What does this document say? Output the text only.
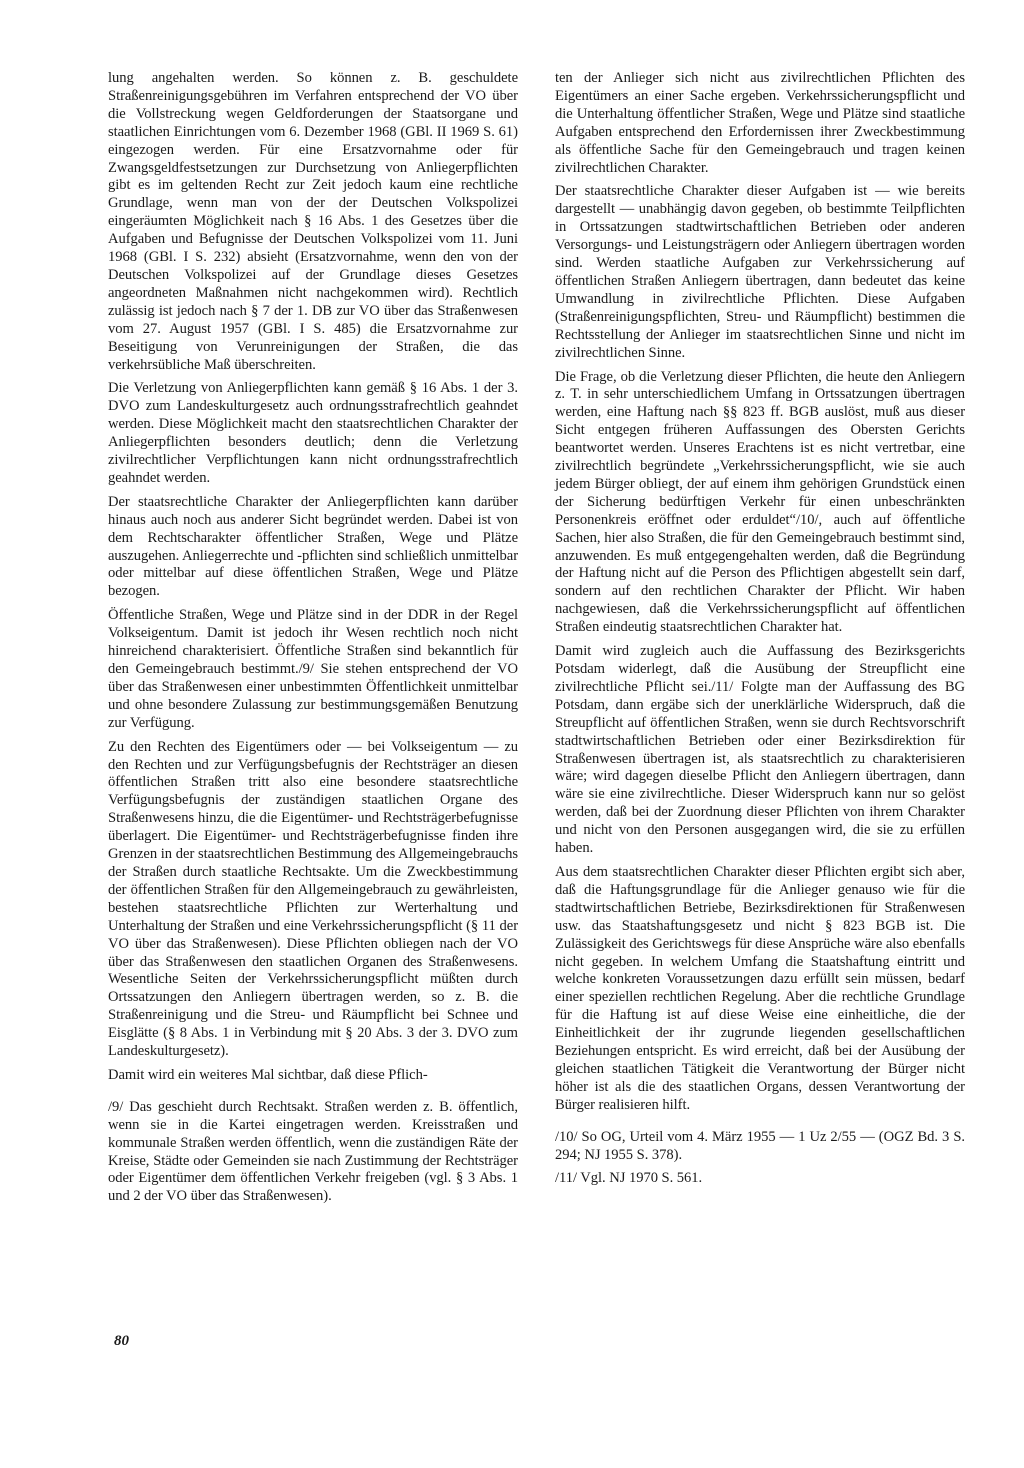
lung angehalten werden. So können z. B. geschuldete Straßenreinigungsgebühren im Verfahren entsprechend der VO über die Vollstreckung wegen Geldforderungen der Staatsorgane und staatlichen Einrichtungen vom 6. Dezember 1968 (GBl. II 1969 S. 61) eingezogen werden. Für eine Ersatzvornahme oder für Zwangsgeldfestsetzungen zur Durchsetzung von Anliegerpflichten gibt es im geltenden Recht zur Zeit jedoch kaum eine rechtliche Grundlage, wenn man von der der Deutschen Volkspolizei eingeräumten Möglichkeit nach § 16 Abs. 1 des Gesetzes über die Aufgaben und Befugnisse der Deutschen Volkspolizei vom 11. Juni 1968 (GBl. I S. 232) absieht (Ersatzvornahme, wenn den von der Deutschen Volkspolizei auf der Grundlage dieses Gesetzes angeordneten Maßnahmen nicht nachgekommen wird). Rechtlich zulässig ist jedoch nach § 7 der 1. DB zur VO über das Straßenwesen vom 27. August 1957 (GBl. I S. 485) die Ersatzvornahme zur Beseitigung von Verunreinigungen der Straßen, die das verkehrsübliche Maß überschreiten.

Die Verletzung von Anliegerpflichten kann gemäß § 16 Abs. 1 der 3. DVO zum Landeskulturgesetz auch ordnungsstrafrechtlich geahndet werden. Diese Möglichkeit macht den staatsrechtlichen Charakter der Anliegerpflichten besonders deutlich; denn die Verletzung zivilrechtlicher Verpflichtungen kann nicht ordnungsstrafrechtlich geahndet werden.

Der staatsrechtliche Charakter der Anliegerpflichten kann darüber hinaus auch noch aus anderer Sicht begründet werden. Dabei ist von dem Rechtscharakter öffentlicher Straßen, Wege und Plätze auszugehen. Anliegerrechte und -pflichten sind schließlich unmittelbar oder mittelbar auf diese öffentlichen Straßen, Wege und Plätze bezogen.

Öffentliche Straßen, Wege und Plätze sind in der DDR in der Regel Volkseigentum. Damit ist jedoch ihr Wesen rechtlich noch nicht hinreichend charakterisiert. Öffentliche Straßen sind bekanntlich für den Gemeingebrauch bestimmt./9/ Sie stehen entsprechend der VO über das Straßenwesen einer unbestimmten Öffentlichkeit unmittelbar und ohne besondere Zulassung zur bestimmungsgemäßen Benutzung zur Verfügung.

Zu den Rechten des Eigentümers oder — bei Volkseigentum — zu den Rechten und zur Verfügungsbefugnis der Rechtsträger an diesen öffentlichen Straßen tritt also eine besondere staatsrechtliche Verfügungsbefugnis der zuständigen staatlichen Organe des Straßenwesens hinzu, die die Eigentümer- und Rechtsträgerbefugnisse überlagert. Die Eigentümer- und Rechtsträgerbefugnisse finden ihre Grenzen in der staatsrechtlichen Bestimmung des Allgemeingebrauchs der Straßen durch staatliche Rechtsakte. Um die Zweckbestimmung der öffentlichen Straßen für den Allgemeingebrauch zu gewährleisten, bestehen staatsrechtliche Pflichten zur Werterhaltung und Unterhaltung der Straßen und eine Verkehrssicherungspflicht (§ 11 der VO über das Straßenwesen). Diese Pflichten obliegen nach der VO über das Straßenwesen den staatlichen Organen des Straßenwesens. Wesentliche Seiten der Verkehrssicherungspflicht müßten durch Ortssatzungen den Anliegern übertragen werden, so z. B. die Straßenreinigung und die Streu- und Räumpflicht bei Schnee und Eisglätte (§ 8 Abs. 1 in Verbindung mit § 20 Abs. 3 der 3. DVO zum Landeskulturgesetz).

Damit wird ein weiteres Mal sichtbar, daß diese Pflich-

/9/ Das geschieht durch Rechtsakt. Straßen werden z. B. öffentlich, wenn sie in die Kartei eingetragen werden. Kreisstraßen und kommunale Straßen werden öffentlich, wenn die zuständigen Räte der Kreise, Städte oder Gemeinden sie nach Zustimmung der Rechtsträger oder Eigentümer dem öffentlichen Verkehr freigeben (vgl. § 3 Abs. 1 und 2 der VO über das Straßenwesen).

ten der Anlieger sich nicht aus zivilrechtlichen Pflichten des Eigentümers an einer Sache ergeben. Verkehrssicherungspflicht und die Unterhaltung öffentlicher Straßen, Wege und Plätze sind staatliche Aufgaben entsprechend den Erfordernissen ihrer Zweckbestimmung als öffentliche Sache für den Gemeingebrauch und tragen keinen zivilrechtlichen Charakter.

Der staatsrechtliche Charakter dieser Aufgaben ist — wie bereits dargestellt — unabhängig davon gegeben, ob bestimmte Teilpflichten in Ortssatzungen stadtwirtschaftlichen Betrieben oder anderen Versorgungs- und Leistungsträgern oder Anliegern übertragen worden sind. Werden staatliche Aufgaben zur Verkehrssicherung auf öffentlichen Straßen Anliegern übertragen, dann bedeutet das keine Umwandlung in zivilrechtliche Pflichten. Diese Aufgaben (Straßenreinigungspflichten, Streu- und Räumpflicht) bestimmen die Rechtsstellung der Anlieger im staatsrechtlichen Sinne und nicht im zivilrechtlichen Sinne.

Die Frage, ob die Verletzung dieser Pflichten, die heute den Anliegern z. T. in sehr unterschiedlichem Umfang in Ortssatzungen übertragen werden, eine Haftung nach §§ 823 ff. BGB auslöst, muß aus dieser Sicht entgegen früheren Auffassungen des Obersten Gerichts beantwortet werden. Unseres Erachtens ist es nicht vertretbar, eine zivilrechtlich begründete „Verkehrssicherungspflicht, wie sie auch jedem Bürger obliegt, der auf einem ihm gehörigen Grundstück einen der Sicherung bedürftigen Verkehr für einen unbeschränkten Personenkreis eröffnet oder erduldet“/10/, auch auf öffentliche Sachen, hier also Straßen, die für den Gemeingebrauch bestimmt sind, anzuwenden. Es muß entgegengehalten werden, daß die Begründung der Haftung nicht auf die Person des Pflichtigen abgestellt sein darf, sondern auf den rechtlichen Charakter der Pflicht. Wir haben nachgewiesen, daß die Verkehrssicherungspflicht auf öffentlichen Straßen eindeutig staatsrechtlichen Charakter hat.

Damit wird zugleich auch die Auffassung des Bezirksgerichts Potsdam widerlegt, daß die Ausübung der Streupflicht eine zivilrechtliche Pflicht sei./11/ Folgte man der Auffassung des BG Potsdam, dann ergäbe sich der unerklärliche Widerspruch, daß die Streupflicht auf öffentlichen Straßen, wenn sie durch Rechtsvorschrift stadtwirtschaftlichen Betrieben oder einer Bezirksdirektion für Straßenwesen übertragen ist, als staatsrechtlich zu charakterisieren wäre; wird dagegen dieselbe Pflicht den Anliegern übertragen, dann wäre sie eine zivilrechtliche. Dieser Widerspruch kann nur so gelöst werden, daß bei der Zuordnung dieser Pflichten von ihrem Charakter und nicht von den Personen ausgegangen wird, die sie zu erfüllen haben.

Aus dem staatsrechtlichen Charakter dieser Pflichten ergibt sich aber, daß die Haftungsgrundlage für die Anlieger genauso wie für die stadtwirtschaftlichen Betriebe, Bezirksdirektionen für Straßenwesen usw. das Staatshaftungsgesetz und nicht § 823 BGB ist. Die Zulässigkeit des Gerichtswegs für diese Ansprüche wäre also ebenfalls nicht gegeben. In welchem Umfang die Staatshaftung eintritt und welche konkreten Voraussetzungen dazu erfüllt sein müssen, bedarf einer speziellen rechtlichen Regelung. Aber die rechtliche Grundlage für die Haftung ist auf diese Weise eine einheitliche, die der Einheitlichkeit der ihr zugrunde liegenden gesellschaftlichen Beziehungen entspricht. Es wird erreicht, daß bei der Ausübung der gleichen staatlichen Tätigkeit die Verantwortung der Bürger nicht höher ist als die des staatlichen Organs, dessen Verantwortung der Bürger realisieren hilft.

/10/ So OG, Urteil vom 4. März 1955 — 1 Uz 2/55 — (OGZ Bd. 3 S. 294; NJ 1955 S. 378).

/11/ Vgl. NJ 1970 S. 561.

80
